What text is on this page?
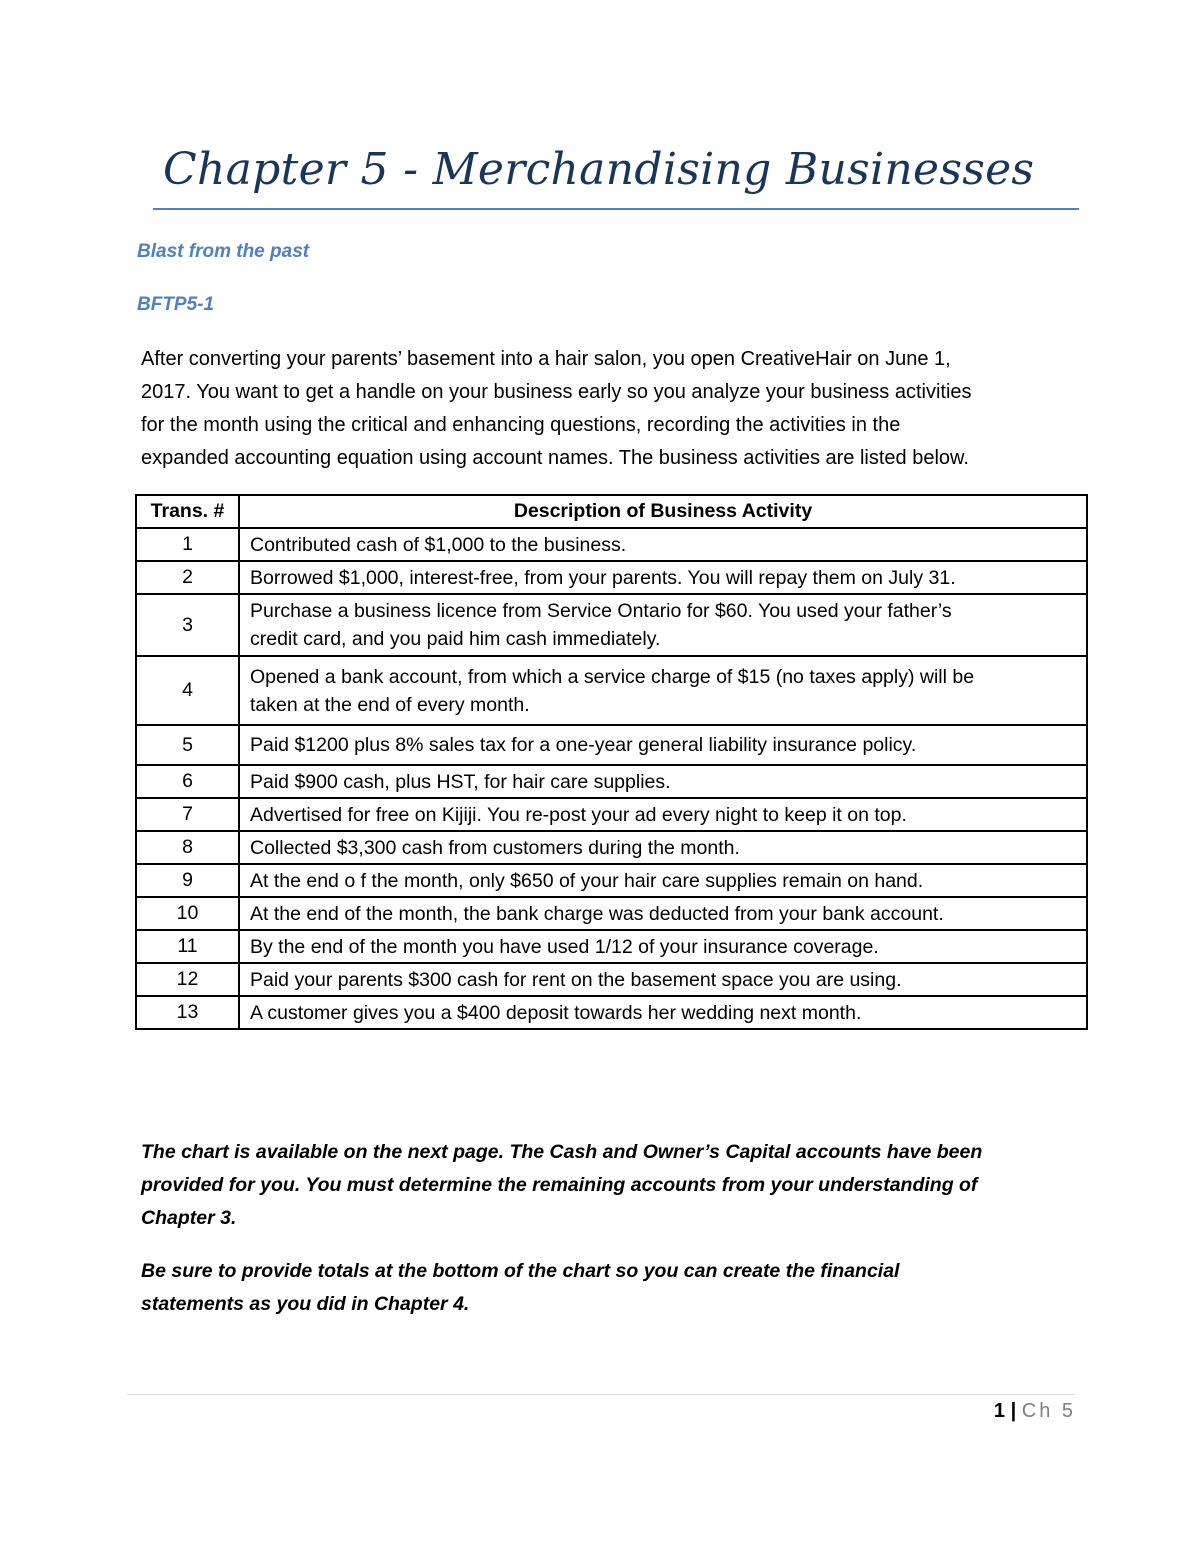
Chapter 5 - Merchandising Businesses
Blast from the past
BFTP5-1
After converting your parents’ basement into a hair salon, you open CreativeHair on June 1,
2017. You want to get a handle on your business early so you analyze your business activities
for the month using the critical and enhancing questions, recording the activities in the
expanded accounting equation using account names. The business activities are listed below.
Trans. #	Description of Business Activity
1	Contributed cash of $1,000 to the business.

2	Borrowed $1,000, interest-free, from your parents. You will repay them on July 31.

3	Purchase a business licence from Service Ontario for $60. You used your father’s
credit card, and you paid him cash immediately.

4	Opened a bank account, from which a service charge of $15 (no taxes apply) will be
taken at the end of every month.

5	Paid $1200 plus 8% sales tax for a one-year general liability insurance policy.

6	Paid $900 cash, plus HST, for hair care supplies.

7	Advertised for free on Kijiji. You re-post your ad every night to keep it on top.

8	Collected $3,300 cash from customers during the month.

9	At the end o f the month, only $650 of your hair care supplies remain on hand.

10	At the end of the month, the bank charge was deducted from your bank account.

11	By the end of the month you have used 1/12 of your insurance coverage.

12	Paid your parents $300 cash for rent on the basement space you are using.

13	A customer gives you a $400 deposit towards her wedding next month.
The chart is available on the next page. The Cash and Owner’s Capital accounts have been
provided for you. You must determine the remaining accounts from your understanding of
Chapter 3.
Be sure to provide totals at the bottom of the chart so you can create the financial
statements as you did in Chapter 4.
1 | Ch 5
